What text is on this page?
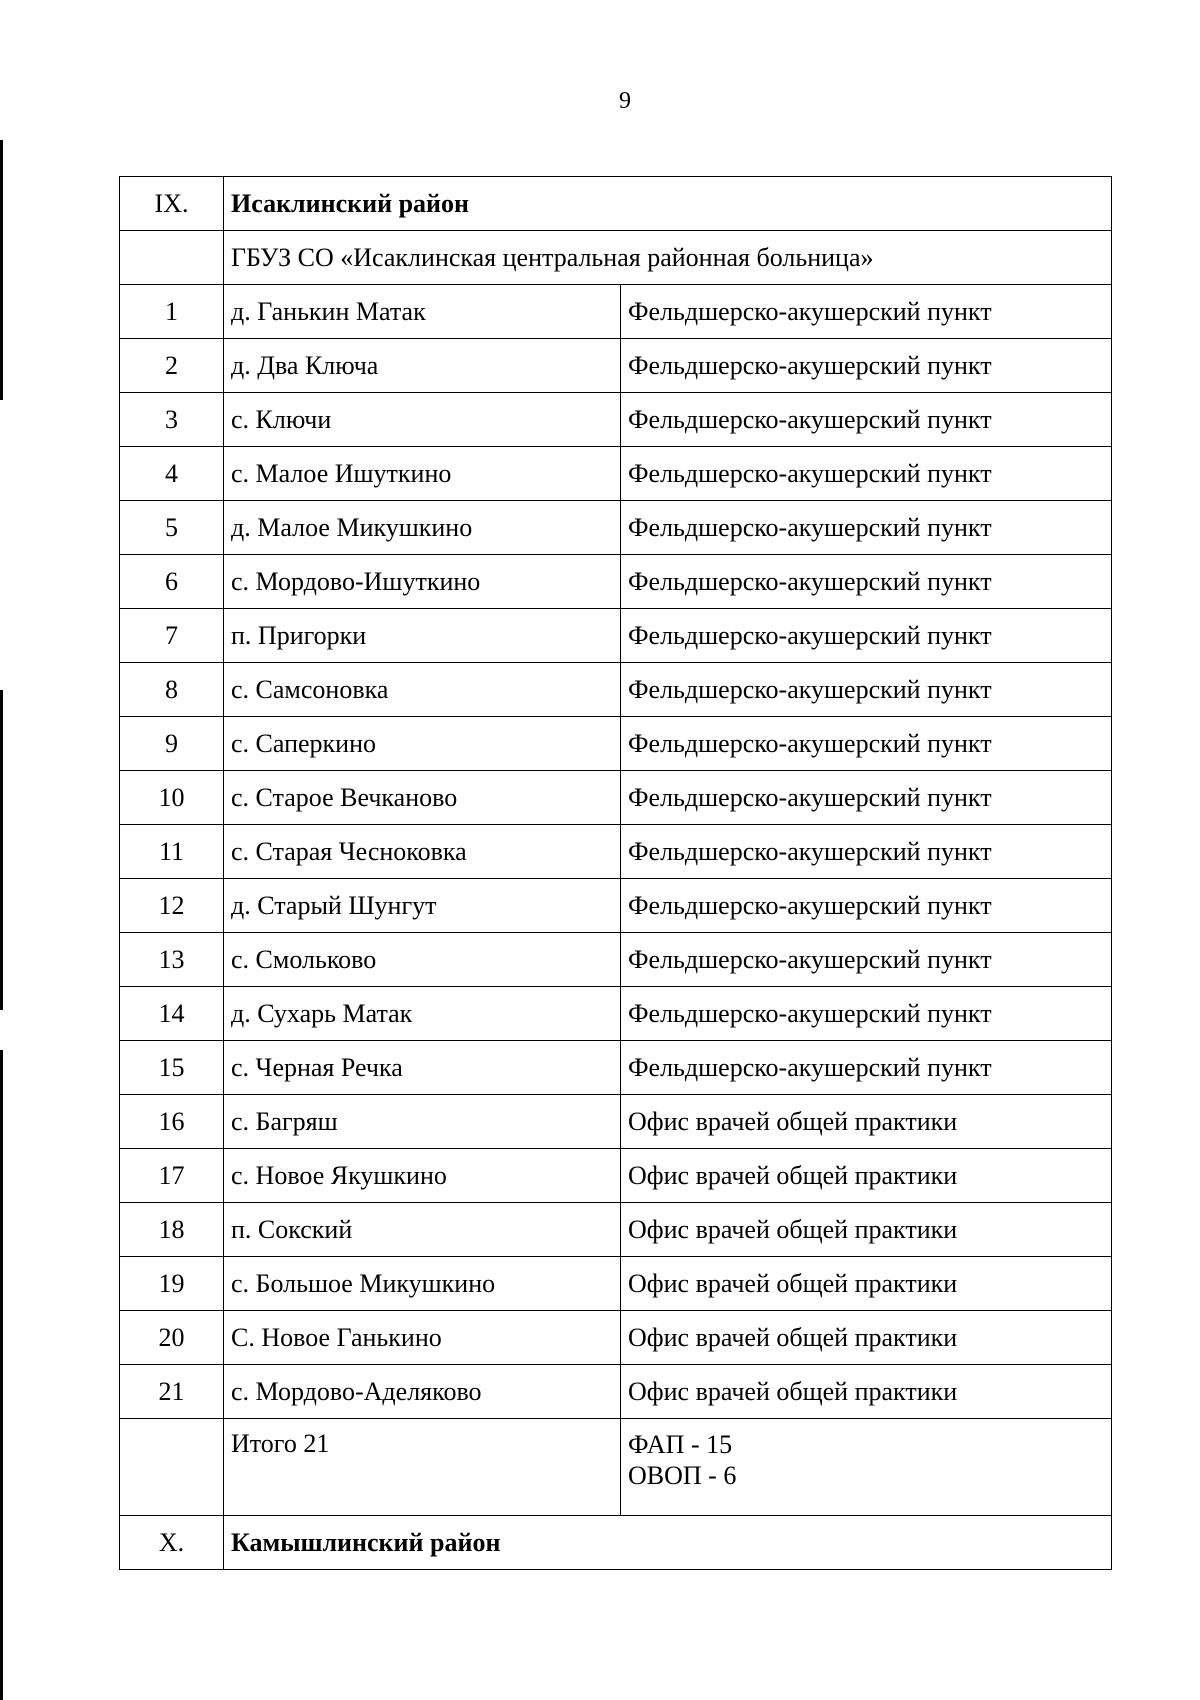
9
IX.	Исаклинский район	
	ГБУЗ СО «Исаклинская центральная районная больница»	
1	д. Ганькин Матак	Фельдшерско-акушерский пункт
2	д. Два Ключа	Фельдшерско-акушерский пункт
3	с. Ключи	Фельдшерско-акушерский пункт
4	с. Малое Ишуткино	Фельдшерско-акушерский пункт
5	д. Малое Микушкино	Фельдшерско-акушерский пункт
6	с. Мордово-Ишуткино	Фельдшерско-акушерский пункт
7	п. Пригорки	Фельдшерско-акушерский пункт
8	с. Самсоновка	Фельдшерско-акушерский пункт
9	с. Саперкино	Фельдшерско-акушерский пункт
10	с. Старое Вечканово	Фельдшерско-акушерский пункт
11	с. Старая Чесноковка	Фельдшерско-акушерский пункт
12	д. Старый Шунгут	Фельдшерско-акушерский пункт
13	с. Смольково	Фельдшерско-акушерский пункт
14	д. Сухарь Матак	Фельдшерско-акушерский пункт
15	с. Черная Речка	Фельдшерско-акушерский пункт
16	с. Багряш	Офис врачей общей практики
17	с. Новое Якушкино	Офис врачей общей практики
18	п. Сокский	Офис врачей общей практики
19	с. Большое Микушкино	Офис врачей общей практики
20	С. Новое Ганькино	Офис врачей общей практики
21	с. Мордово-Аделяково	Офис врачей общей практики
	Итого 21	ФАП - 15
ОВОП - 6

X.	Камышлинский район	
